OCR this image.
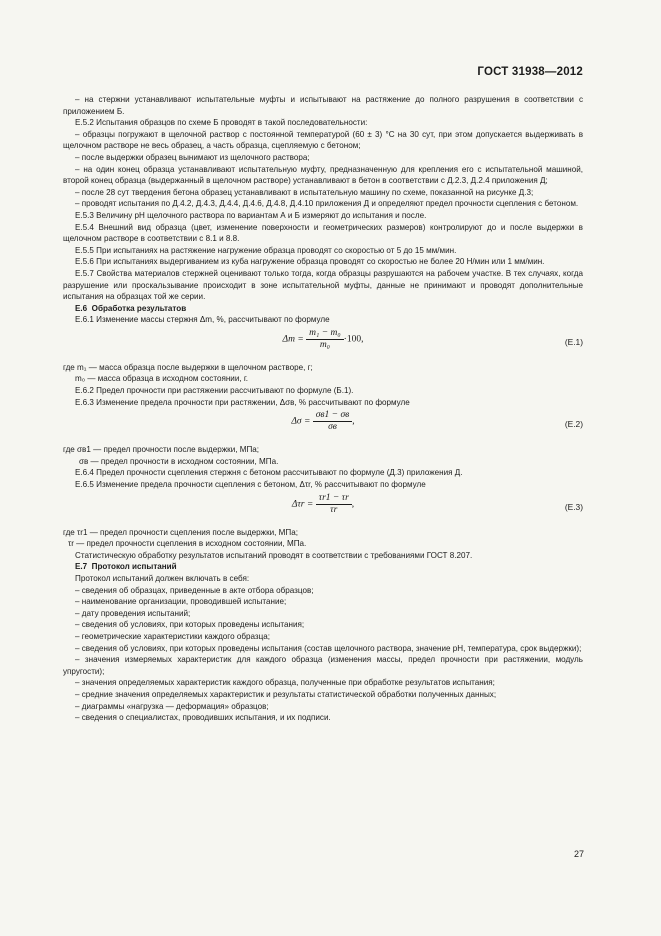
ГОСТ 31938—2012

– на стержни устанавливают испытательные муфты и испытывают на растяжение до полного разрушения в соответствии с приложением Б.

Е.5.2 Испытания образцов по схеме Б проводят в такой последовательности:

– образцы погружают в щелочной раствор с постоянной температурой (60 ± 3) °С на 30 сут, при этом допускается выдерживать в щелочном растворе не весь образец, а часть образца, сцепляемую с бетоном;

– после выдержки образец вынимают из щелочного раствора;

– на один конец образца устанавливают испытательную муфту, предназначенную для крепления его с испытательной машиной, второй конец образца (выдержанный в щелочном растворе) устанавливают в бетон в соответствии с Д.2.3, Д.2.4 приложения Д;

– после 28 сут твердения бетона образец устанавливают в испытательную машину по схеме, показанной на рисунке Д.3;

– проводят испытания по Д.4.2, Д.4.3, Д.4.4, Д.4.6, Д.4.8, Д.4.10 приложения Д и определяют предел прочности сцепления с бетоном.

Е.5.3 Величину рН щелочного раствора по вариантам А и Б измеряют до испытания и после.

Е.5.4 Внешний вид образца (цвет, изменение поверхности и геометрических размеров) контролируют до и после выдержки в щелочном растворе в соответствии с 8.1 и 8.8.

Е.5.5 При испытаниях на растяжение нагружение образца проводят со скоростью от 5 до 15 мм/мин.

Е.5.6 При испытаниях выдергиванием из куба нагружение образца проводят со скоростью не более 20 Н/мин или 1 мм/мин.

Е.5.7 Свойства материалов стержней оценивают только тогда, когда образцы разрушаются на рабочем участке. В тех случаях, когда разрушение или проскальзывание происходит в зоне испытательной муфты, данные не принимают и проводят дополнительные испытания на образцах той же серии.

Е.6 Обработка результатов

Е.6.1 Изменение массы стержня Δm, %, рассчитывают по формуле

$\Delta m = \frac{\text{m₁ − m₀}}{\text{m₀}} \cdot 100$,	(Е.1)

где m₁ — масса образца после выдержки в щелочном растворе, г;

m₀ — масса образца в исходном состоянии, г.

Е.6.2 Предел прочности при растяжении рассчитывают по формуле (Б.1).

Е.6.3 Изменение предела прочности при растяжении, Δσв, % рассчитывают по формуле

$\Delta\sigma = \frac{\sigma в1 - \sigma в}{\sigma в}$ ,	(Е.2)

где σв1 — предел прочности после выдержки, МПа;

σв — предел прочности в исходном состоянии, МПа.

Е.6.4 Предел прочности сцепления стержня с бетоном рассчитывают по формуле (Д.3) приложения Д.

Е.6.5 Изменение предела прочности сцепления с бетоном, Δτr, % рассчитывают по формуле

$\Delta\tau r = \frac{\tau r1 - \tau r}{\tau r}$ ,	(Е.3)

где τr1 — предел прочности сцепления после выдержки, МПа;

τr — предел прочности сцепления в исходном состоянии, МПа.

Статистическую обработку результатов испытаний проводят в соответствии с требованиями ГОСТ 8.207.

Е.7 Протокол испытаний

Протокол испытаний должен включать в себя:

– сведения об образцах, приведенные в акте отбора образцов;

– наименование организации, проводившей испытание;

– дату проведения испытаний;

– сведения об условиях, при которых проведены испытания;

– геометрические характеристики каждого образца;

– сведения об условиях, при которых проведены испытания (состав щелочного раствора, значение рН, температура, срок выдержки);

– значения измеряемых характеристик для каждого образца (изменения массы, предел прочности при растяжении, модуль упругости);

– значения определяемых характеристик каждого образца, полученные при обработке результатов испытания;

– средние значения определяемых характеристик и результаты статистической обработки полученных данных;

– диаграммы «нагрузка — деформация» образцов;

– сведения о специалистах, проводивших испытания, и их подписи.

27
